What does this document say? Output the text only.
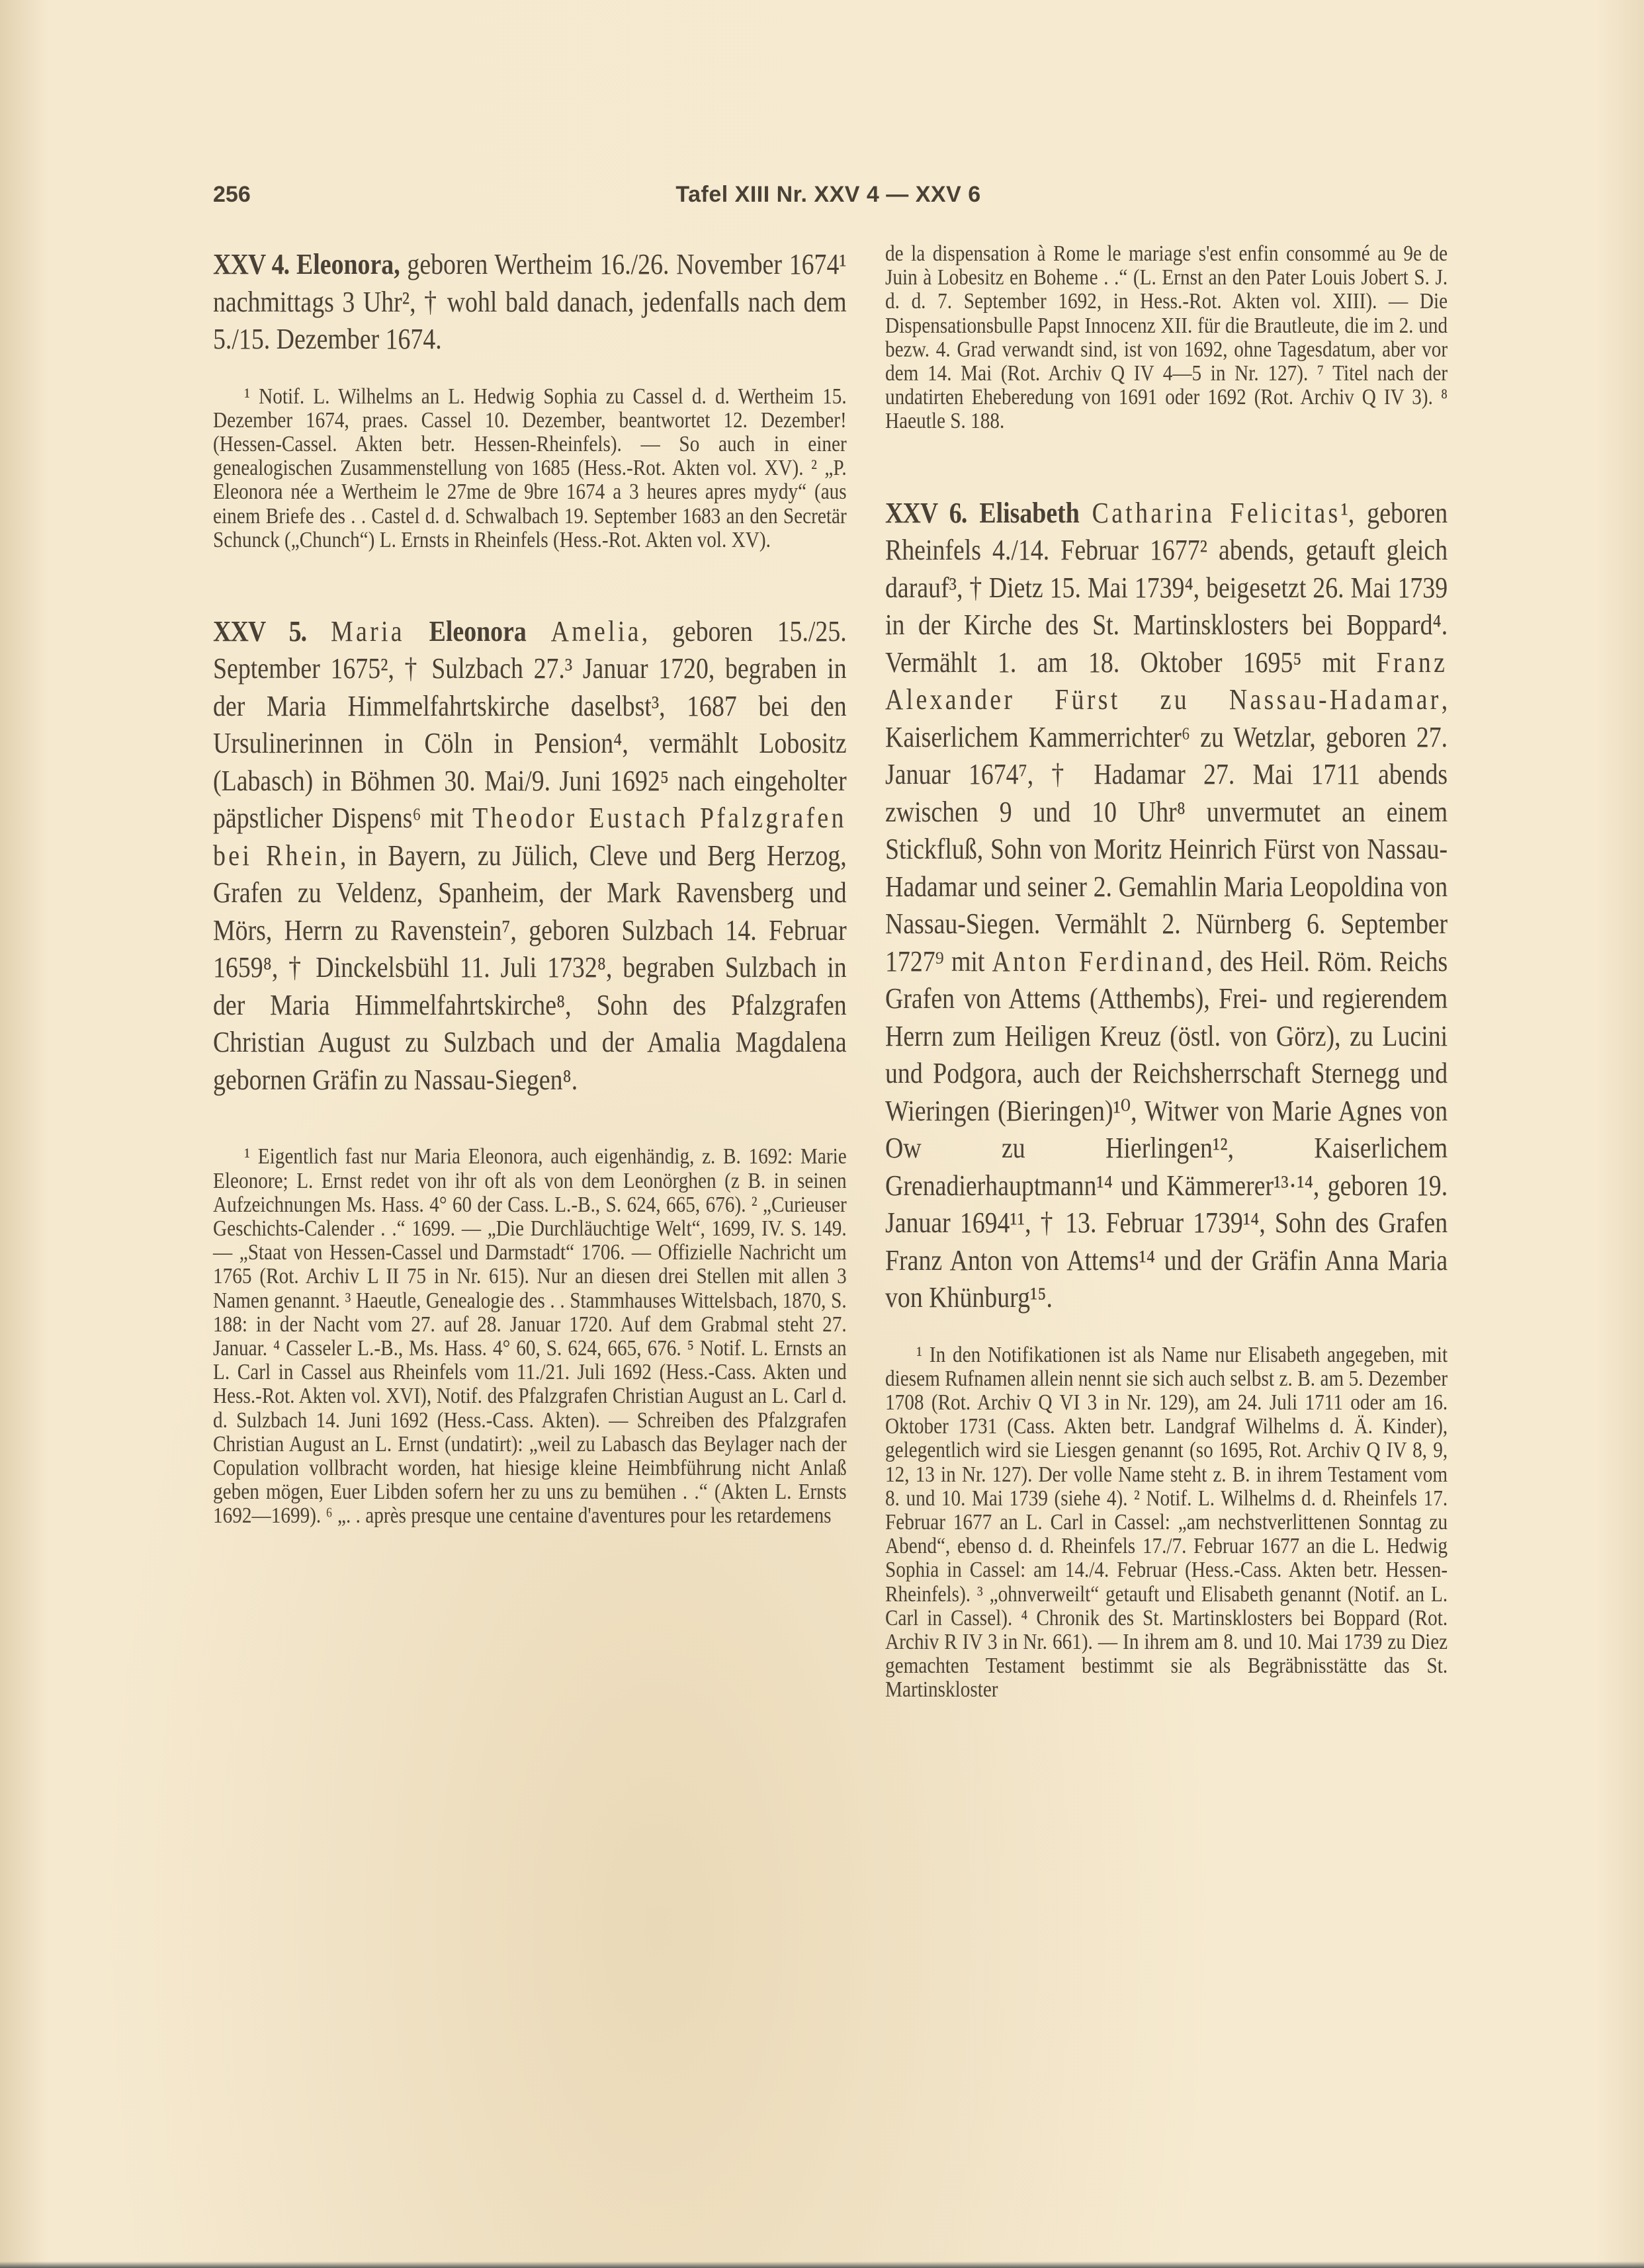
256	Tafel XIII Nr. XXV 4 — XXV 6

XXV 4. Eleonora, geboren Wertheim 16./26. November 1674¹ nachmittags 3 Uhr², † wohl bald danach, jedenfalls nach dem 5./15. Dezember 1674.

¹ Notif. L. Wilhelms an L. Hedwig Sophia zu Cassel d. d. Wertheim 15. Dezember 1674, praes. Cassel 10. Dezember, beantwortet 12. Dezember! (Hessen-Cassel. Akten betr. Hessen-Rheinfels). — So auch in einer genealogischen Zusammenstellung von 1685 (Hess.-Rot. Akten vol. XV). ² „P. Eleonora née a Wertheim le 27me de 9bre 1674 a 3 heures apres mydy“ (aus einem Briefe des . . Castel d. d. Schwalbach 19. September 1683 an den Secretär Schunck („Chunch“) L. Ernsts in Rheinfels (Hess.-Rot. Akten vol. XV).

XXV 5. Maria Eleonora Amelia, geboren 15./25. September 1675², † Sulzbach 27.³ Januar 1720, begraben in der Maria Himmelfahrtskirche daselbst³, 1687 bei den Ursulinerinnen in Cöln in Pension⁴, vermählt Lobositz (Labasch) in Böhmen 30. Mai/9. Juni 1692⁵ nach eingeholter päpstlicher Dispens⁶ mit Theodor Eustach Pfalzgrafen bei Rhein, in Bayern, zu Jülich, Cleve und Berg Herzog, Grafen zu Veldenz, Spanheim, der Mark Ravensberg und Mörs, Herrn zu Ravenstein⁷, geboren Sulzbach 14. Februar 1659⁸, † Dinckelsbühl 11. Juli 1732⁸, begraben Sulzbach in der Maria Himmelfahrtskirche⁸, Sohn des Pfalzgrafen Christian August zu Sulzbach und der Amalia Magdalena gebornen Gräfin zu Nassau-Siegen⁸.

¹ Eigentlich fast nur Maria Eleonora, auch eigenhändig, z. B. 1692: Marie Eleonore; L. Ernst redet von ihr oft als von dem Leonörghen (z B. in seinen Aufzeichnungen Ms. Hass. 4° 60 der Cass. L.-B., S. 624, 665, 676). ² „Curieuser Geschichts-Calender . .“ 1699. — „Die Durchläuchtige Welt“, 1699, IV. S. 149. — „Staat von Hessen-Cassel und Darmstadt“ 1706. — Offizielle Nachricht um 1765 (Rot. Archiv L II 75 in Nr. 615). Nur an diesen drei Stellen mit allen 3 Namen genannt. ³ Haeutle, Genealogie des . . Stammhauses Wittelsbach, 1870, S. 188: in der Nacht vom 27. auf 28. Januar 1720. Auf dem Grabmal steht 27. Januar. ⁴ Casseler L.-B., Ms. Hass. 4° 60, S. 624, 665, 676. ⁵ Notif. L. Ernsts an L. Carl in Cassel aus Rheinfels vom 11./21. Juli 1692 (Hess.-Cass. Akten und Hess.-Rot. Akten vol. XVI), Notif. des Pfalzgrafen Christian August an L. Carl d. d. Sulzbach 14. Juni 1692 (Hess.-Cass. Akten). — Schreiben des Pfalzgrafen Christian August an L. Ernst (undatirt): „weil zu Labasch das Beylager nach der Copulation vollbracht worden, hat hiesige kleine Heimbführung nicht Anlaß geben mögen, Euer Libden sofern her zu uns zu bemühen . .“ (Akten L. Ernsts 1692—1699). ⁶ „. . après presque une centaine d'aventures pour les retardemens

de la dispensation à Rome le mariage s'est enfin consommé au 9e de Juin à Lobesitz en Boheme . .“ (L. Ernst an den Pater Louis Jobert S. J. d. d. 7. September 1692, in Hess.-Rot. Akten vol. XIII). — Die Dispensationsbulle Papst Innocenz XII. für die Brautleute, die im 2. und bezw. 4. Grad verwandt sind, ist von 1692, ohne Tagesdatum, aber vor dem 14. Mai (Rot. Archiv Q IV 4—5 in Nr. 127). ⁷ Titel nach der undatirten Eheberedung von 1691 oder 1692 (Rot. Archiv Q IV 3). ⁸ Haeutle S. 188.

XXV 6. Elisabeth Catharina Felicitas¹, geboren Rheinfels 4./14. Februar 1677² abends, getauft gleich darauf³, † Dietz 15. Mai 1739⁴, beigesetzt 26. Mai 1739 in der Kirche des St. Martinsklosters bei Boppard⁴. Vermählt 1. am 18. Oktober 1695⁵ mit Franz Alexander Fürst zu Nassau-Hadamar, Kaiserlichem Kammerrichter⁶ zu Wetzlar, geboren 27. Januar 1674⁷, † Hadamar 27. Mai 1711 abends zwischen 9 und 10 Uhr⁸ unvermutet an einem Stickfluß, Sohn von Moritz Heinrich Fürst von Nassau-Hadamar und seiner 2. Gemahlin Maria Leopoldina von Nassau-Siegen. Vermählt 2. Nürnberg 6. September 1727⁹ mit Anton Ferdinand, des Heil. Röm. Reichs Grafen von Attems (Atthembs), Frei- und regierendem Herrn zum Heiligen Kreuz (östl. von Görz), zu Lucini und Podgora, auch der Reichsherrschaft Sternegg und Wieringen (Bieringen)¹⁰, Witwer von Marie Agnes von Ow zu Hierlingen¹², Kaiserlichem Grenadierhauptmann¹⁴ und Kämmerer¹³·¹⁴, geboren 19. Januar 1694¹¹, † 13. Februar 1739¹⁴, Sohn des Grafen Franz Anton von Attems¹⁴ und der Gräfin Anna Maria von Khünburg¹⁵.

¹ In den Notifikationen ist als Name nur Elisabeth angegeben, mit diesem Rufnamen allein nennt sie sich auch selbst z. B. am 5. Dezember 1708 (Rot. Archiv Q VI 3 in Nr. 129), am 24. Juli 1711 oder am 16. Oktober 1731 (Cass. Akten betr. Landgraf Wilhelms d. Ä. Kinder), gelegentlich wird sie Liesgen genannt (so 1695, Rot. Archiv Q IV 8, 9, 12, 13 in Nr. 127). Der volle Name steht z. B. in ihrem Testament vom 8. und 10. Mai 1739 (siehe 4). ² Notif. L. Wilhelms d. d. Rheinfels 17. Februar 1677 an L. Carl in Cassel: „am nechstverlittenen Sonntag zu Abend“, ebenso d. d. Rheinfels 17./7. Februar 1677 an die L. Hedwig Sophia in Cassel: am 14./4. Februar (Hess.-Cass. Akten betr. Hessen-Rheinfels). ³ „ohnverweilt“ getauft und Elisabeth genannt (Notif. an L. Carl in Cassel). ⁴ Chronik des St. Martinsklosters bei Boppard (Rot. Archiv R IV 3 in Nr. 661). — In ihrem am 8. und 10. Mai 1739 zu Diez gemachten Testament bestimmt sie als Begräbnisstätte das St. Martinskloster
